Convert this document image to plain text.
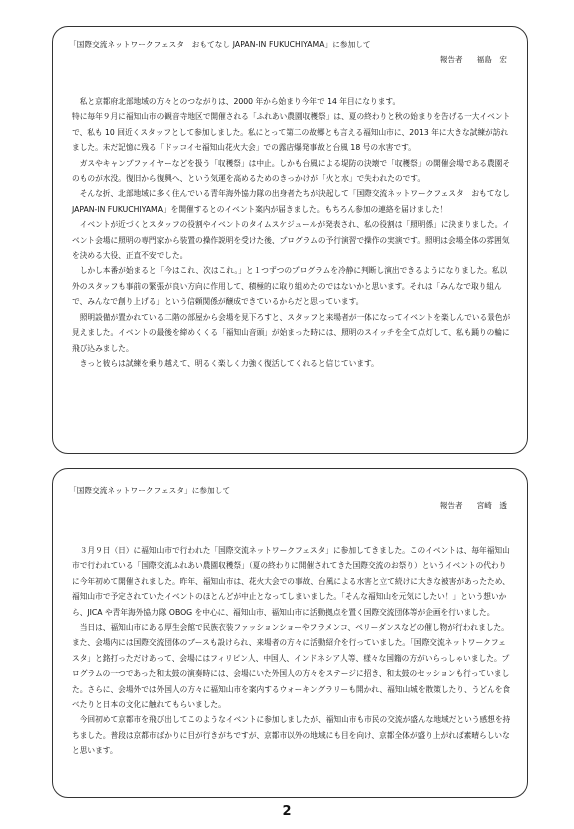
「国際交流ネットワークフェスタ　おもてなし JAPAN-IN FUKUCHIYAMA」に参加して
報告者 福島　宏

私と京都府北部地域の方々とのつながりは、2000 年から始まり今年で 14 年目になります。

特に毎年９月に福知山市の観音寺地区で開催される「ふれあい農園収穫祭」は、夏の終わりと秋の始まりを告げる一大イベントで、私も 10 回近くスタッフとして参加しました。私にとって第二の故郷とも言える福知山市に、2013 年に大きな試練が訪れました。未だ記憶に残る「ドッコイセ福知山花火大会」での露店爆発事故と台風 18 号の水害です。

ガスやキャンプファイヤーなどを扱う「収穫祭」は中止。しかも台風による堤防の決壊で「収穫祭」の開催会場である農園そのものが水没。復旧から復興へ、という気運を高めるためのきっかけが「火と水」で失われたのです。

そんな折、北部地域に多く住んでいる青年海外協力隊の出身者たちが決起して「国際交流ネットワークフェスタ　おもてなし JAPAN-IN FUKUCHIYAMA」を開催するとのイベント案内が届きました。もちろん参加の連絡を届けました！

イベントが近づくとスタッフの役割やイベントのタイムスケジュールが発表され、私の役割は「照明係」に決まりました。イベント会場に照明の専門家から装置の操作説明を受けた後、プログラムの予行演習で操作の実演です。照明は会場全体の雰囲気を決める大役、正直不安でした。

しかし本番が始まると「今はこれ、次はこれ。」と１つずつのプログラムを冷静に判断し演出できるようになりました。私以外のスタッフも事前の緊張が良い方向に作用して、積極的に取り組めたのではないかと思います。それは「みんなで取り組んで、みんなで創り上げる」という信頼関係が醸成できているからだと思っています。

照明設備が置かれている二階の部屋から会場を見下ろすと、スタッフと来場者が一体になってイベントを楽しんでいる景色が見えました。イベントの最後を締めくくる「福知山音頭」が始まった時には、照明のスイッチを全て点灯して、私も踊りの輪に飛び込みました。

きっと彼らは試練を乗り越えて、明るく楽しく力強く復活してくれると信じています。

「国際交流ネットワークフェスタ」に参加して
報告者 宮崎　透

３月９日（日）に福知山市で行われた「国際交流ネットワークフェスタ」に参加してきました。このイベントは、毎年福知山市で行われている「国際交流ふれあい農園収穫祭」（夏の終わりに開催されてきた国際交流のお祭り）というイベントの代わりに今年初めて開催されました。昨年、福知山市は、花火大会での事故、台風による水害と立て続けに大きな被害があったため、福知山市で予定されていたイベントのほとんどが中止となってしまいました。「そんな福知山を元気にしたい！」という想いから、JICA や青年海外協力隊 OBOG を中心に、福知山市、福知山市に活動拠点を置く国際交流団体等が企画を行いました。

当日は、福知山市にある厚生会館で民族衣装ファッションショーやフラメンコ、ベリーダンスなどの催し物が行われました。また、会場内には国際交流団体のブースも設けられ、来場者の方々に活動紹介を行っていました。「国際交流ネットワークフェスタ」と銘打っただけあって、会場にはフィリピン人、中国人、インドネシア人等、様々な国籍の方がいらっしゃいました。プログラムの一つであった和太鼓の演奏時には、会場にいた外国人の方々をステージに招き、和太鼓のセッションも行っていました。さらに、会場外では外国人の方々に福知山市を案内するウォーキングラリーも開かれ、福知山城を散策したり、うどんを食べたりと日本の文化に触れてもらいました。

今回初めて京都市を飛び出してこのようなイベントに参加しましたが、福知山市も市民の交流が盛んな地域だという感想を持ちました。普段は京都市ばかりに目が行きがちですが、京都市以外の地域にも目を向け、京都全体が盛り上がれば素晴らしいなと思います。

2
